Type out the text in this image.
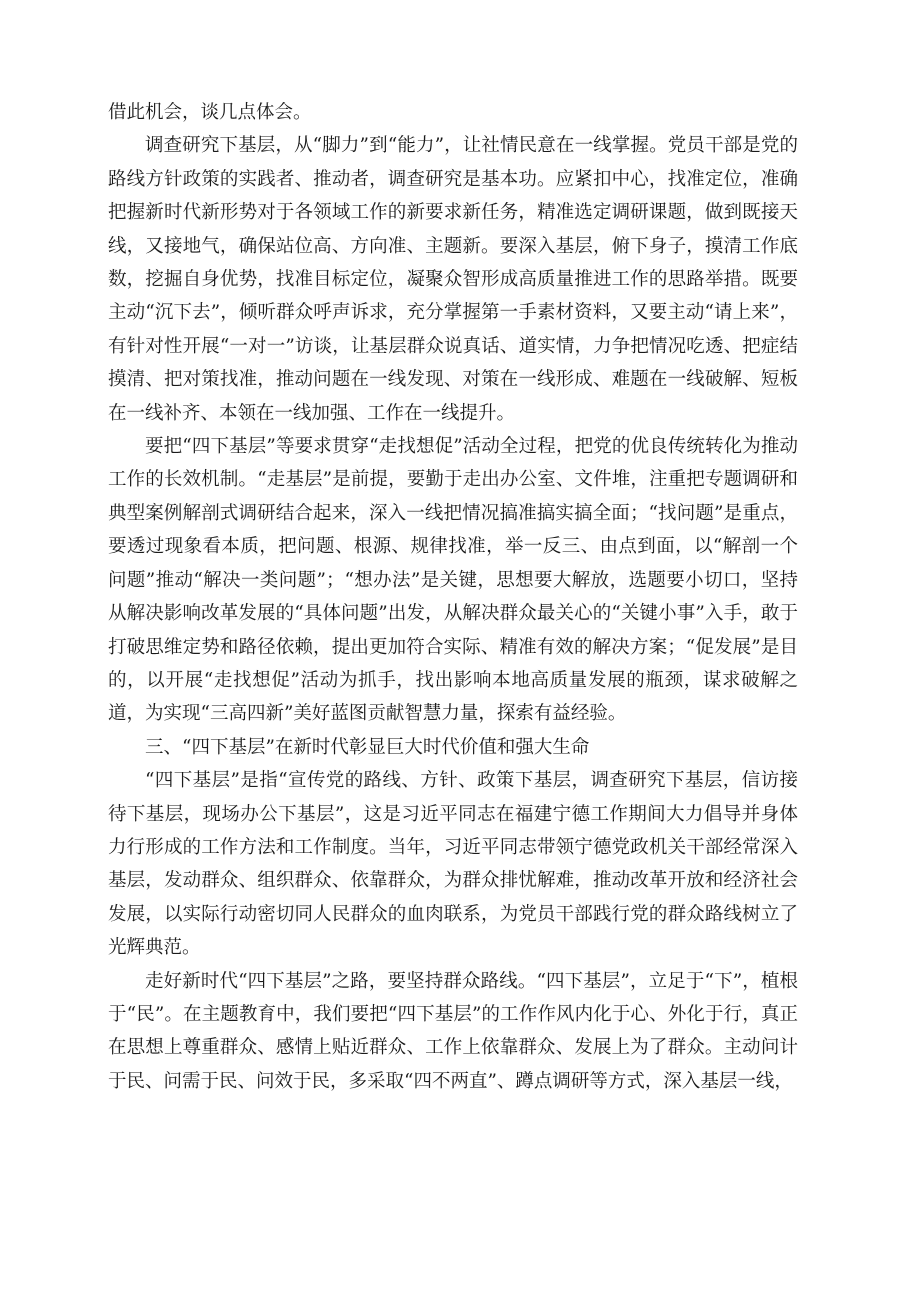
借此机会，谈几点体会。

调查研究下基层，从“脚力”到“能力”，让社情民意在一线掌握。党员干部是党的路线方针政策的实践者、推动者，调查研究是基本功。应紧扣中心，找准定位，准确把握新时代新形势对于各领域工作的新要求新任务，精准选定调研课题，做到既接天线，又接地气，确保站位高、方向准、主题新。要深入基层，俯下身子，摸清工作底数，挖掘自身优势，找准目标定位，凝聚众智形成高质量推进工作的思路举措。既要主动“沉下去”，倾听群众呼声诉求，充分掌握第一手素材资料，又要主动“请上来”，有针对性开展“一对一”访谈，让基层群众说真话、道实情，力争把情况吃透、把症结摸清、把对策找准，推动问题在一线发现、对策在一线形成、难题在一线破解、短板在一线补齐、本领在一线加强、工作在一线提升。

要把“四下基层”等要求贯穿“走找想促”活动全过程，把党的优良传统转化为推动工作的长效机制。“走基层”是前提，要勤于走出办公室、文件堆，注重把专题调研和典型案例解剖式调研结合起来，深入一线把情况搞准搞实搞全面；“找问题”是重点，要透过现象看本质，把问题、根源、规律找准，举一反三、由点到面，以“解剖一个问题”推动“解决一类问题”；“想办法”是关键，思想要大解放，选题要小切口，坚持从解决影响改革发展的“具体问题”出发，从解决群众最关心的“关键小事”入手，敢于打破思维定势和路径依赖，提出更加符合实际、精准有效的解决方案；“促发展”是目的，以开展“走找想促”活动为抓手，找出影响本地高质量发展的瓶颈，谋求破解之道，为实现“三高四新”美好蓝图贡献智慧力量，探索有益经验。

三、“四下基层”在新时代彰显巨大时代价值和强大生命

“四下基层”是指“宣传党的路线、方针、政策下基层，调查研究下基层，信访接待下基层，现场办公下基层”，这是习近平同志在福建宁德工作期间大力倡导并身体力行形成的工作方法和工作制度。当年，习近平同志带领宁德党政机关干部经常深入基层，发动群众、组织群众、依靠群众，为群众排忧解难，推动改革开放和经济社会发展，以实际行动密切同人民群众的血肉联系，为党员干部践行党的群众路线树立了光辉典范。

走好新时代“四下基层”之路，要坚持群众路线。“四下基层”，立足于“下”，植根于“民”。在主题教育中，我们要把“四下基层”的工作作风内化于心、外化于行，真正在思想上尊重群众、感情上贴近群众、工作上依靠群众、发展上为了群众。主动问计于民、问需于民、问效于民，多采取“四不两直”、蹲点调研等方式，深入基层一线，
